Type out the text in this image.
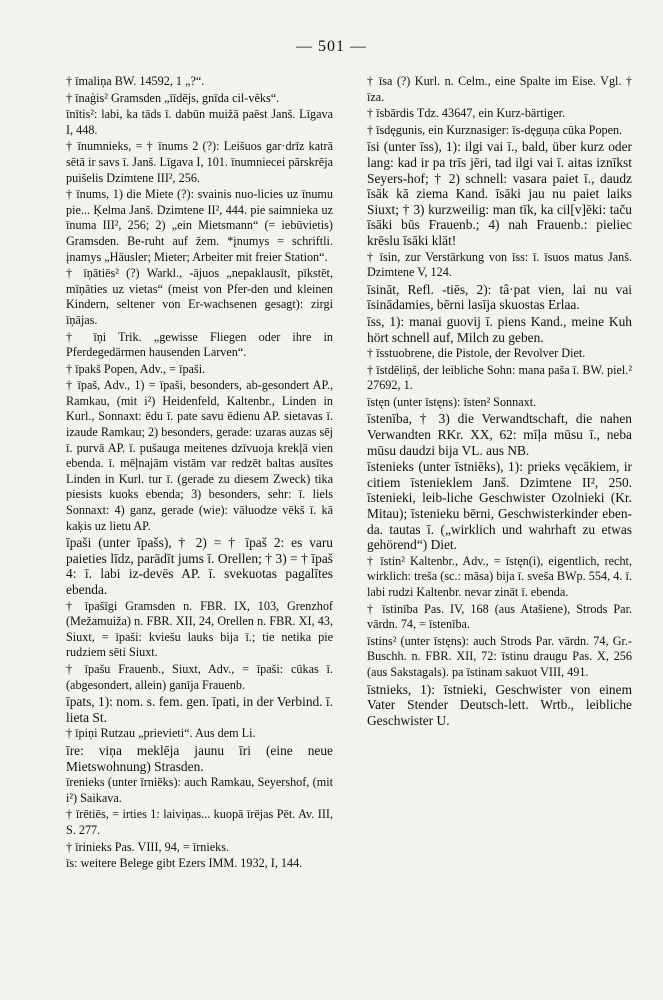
— 501 —

† īmaliņa BW. 14592, 1 „?“.

† īnaģis² Gramsden „īīdējs, gnīda cil-vēks“.

īnītis²: labi, ka tāds ī. dabūn muižā paēst Janš. Līgava I, 448.

† īnumnieks, = † īnums 2 (?): Leišuos gar·drīz katrā sētā ir savs ī. Janš. Līgava I, 101. īnumniecei pārskrēja puišelis Dzimtene III², 256.

† īnums, 1) die Miete (?): svainis nuo-licies uz īnumu pie... Ķelma Janš. Dzimtene II², 444. pie saimnieka uz īnuma III², 256; 2) „ein Mietsmann“ (= iebūvietis) Gramsden. Be-ruht auf žem. *įnumys = schriftli. įnamys „Häusler; Mieter; Arbeiter mit freier Station“.

† īņātiēs² (?) Warkl., -ājuos „nepaklausīt, pīkstēt, mīņāties uz vietas“ (meist von Pfer-den und kleinen Kindern, seltener von Er-wachsenen gesagt): zirgi īņājas.

† īņi Trik. „gewisse Fliegen oder ihre in Pferdegedärmen hausenden Larven“.

† īpakš Popen, Adv., = īpaši.

† īpaš, Adv., 1) = īpaši, besonders, ab-gesondert AP., Ramkau, (mit i²) Heidenfeld, Kaltenbr., Linden in Kurl., Sonnaxt: ēdu ī. pate savu ēdienu AP. sietavas ī. izaude Ramkau; 2) besonders, gerade: uzaras auzas sēj ī. purvā AP. ī. pušauga meitenes dzīvuoja krekļā vien ebenda. ī. mēļnajām vistām var redzēt baltas ausītes Linden in Kurl. tur ī. (gerade zu diesem Zweck) tika piesists kuoks ebenda; 3) besonders, sehr: ī. liels Sonnaxt: 4) ganz, gerade (wie): vāluodze vēkš ī. kā kaķis uz lietu AP.

īpaši (unter īpašs), † 2) = † īpaš 2: es varu paieties līdz, parādīt jums ī. Orellen; † 3) = † īpaš 4: ī. labi iz-devēs AP. ī. svekuotas pagalītes ebenda.

† īpašīgi Gramsden n. FBR. IX, 103, Grenzhof (Mežamuiža) n. FBR. XII, 24, Orellen n. FBR. XI, 43, Siuxt, = īpaši: kviešu lauks bija ī.; tie netika pie rudziem sēti Siuxt.

† īpašu Frauenb., Siuxt, Adv., = īpaši: cūkas ī. (abgesondert, allein) ganīja Frauenb.

īpats, 1): nom. s. fem. gen. īpati, in der Verbind. ī. lieta St.

† īpiņi Rutzau „prievieti“. Aus dem Li.

īre: viņa meklēja jaunu īri (eine neue Mietswohnung) Strasden.

īrenieks (unter īrniēks): auch Ramkau, Seyershof, (mit i²) Saikava.

† īrētiēs, = irties 1: laiviņas... kuopā īrējas Pēt. Av. III, S. 277.

† īrinieks Pas. VIII, 94, = īrnieks.

īs: weitere Belege gibt Ezers IMM. 1932, I, 144.

† īsa (?) Kurl. n. Celm., eine Spalte im Eise. Vgl. † īza.

† īsbārdis Tdz. 43647, ein Kurz-bärtiger.

† īsdęgunis, ein Kurznasiger: īs-dęguņa cūka Popen.

īsi (unter īss), 1): ilgi vai ī., bald, über kurz oder lang: kad ir pa trīs jēri, tad ilgi vai ī. aitas iznīkst Seyers-hof; † 2) schnell: vasara paiet ī., daudz īsāk kā ziema Kand. īsāki jau nu paiet laiks Siuxt; † 3) kurzweilig: man tīk, ka cil[v]ēki: taču īsāki būs Frauenb.; 4) nah Frauenb.: pieliec krēslu īsāki klāt!

† īsin, zur Verstärkung von īss: ī. īsuos matus Janš. Dzimtene V, 124.

īsināt, Refl. -tiēs, 2): tâ·pat vien, lai nu vai īsinādamies, bērni lasīja skuostas Erlaa.

īss, 1): manai guovij ī. piens Kand., meine Kuh hört schnell auf, Milch zu geben.

† īsstuobrene, die Pistole, der Revolver Diet.

† īstdēliņš, der leibliche Sohn: mana paša ī. BW. piel.² 27692, 1.

īstęn (unter īstęns): īsten² Sonnaxt.

īstenība, † 3) die Verwandtschaft, die nahen Verwandten RKr. XX, 62: mīļa mūsu ī., neba mūsu daudzi bija VL. aus NB.

īstenieks (unter īstniēks), 1): prieks vęcākiem, ir citiem īstenieklem Janš. Dzimtene II², 250. īstenieki, leib-liche Geschwister Ozolnieki (Kr. Mitau); īstenieku bērni, Geschwisterkinder eben-da. tautas ī. („wirklich und wahrhaft zu etwas gehörend“) Diet.

† īstin² Kaltenbr., Adv., = īstęn(i), eigentlich, recht, wirklich: treša (sc.: māsa) bija ī. sveša BWp. 554, 4. ī. labi rudzi Kaltenbr. nevar zināt ī. ebenda.

† īstinība Pas. IV, 168 (aus Atašiene), Strods Par. vārdn. 74, = īstenība.

īstins² (unter īstęns): auch Strods Par. vārdn. 74, Gr.-Buschh. n. FBR. XII, 72: īstinu draugu Pas. X, 256 (aus Sakstagals). pa īstinam sakuot VIII, 491.

īstnieks, 1): īstnieki, Geschwister von einem Vater Stender Deutsch-lett. Wrtb., leibliche Geschwister U.
